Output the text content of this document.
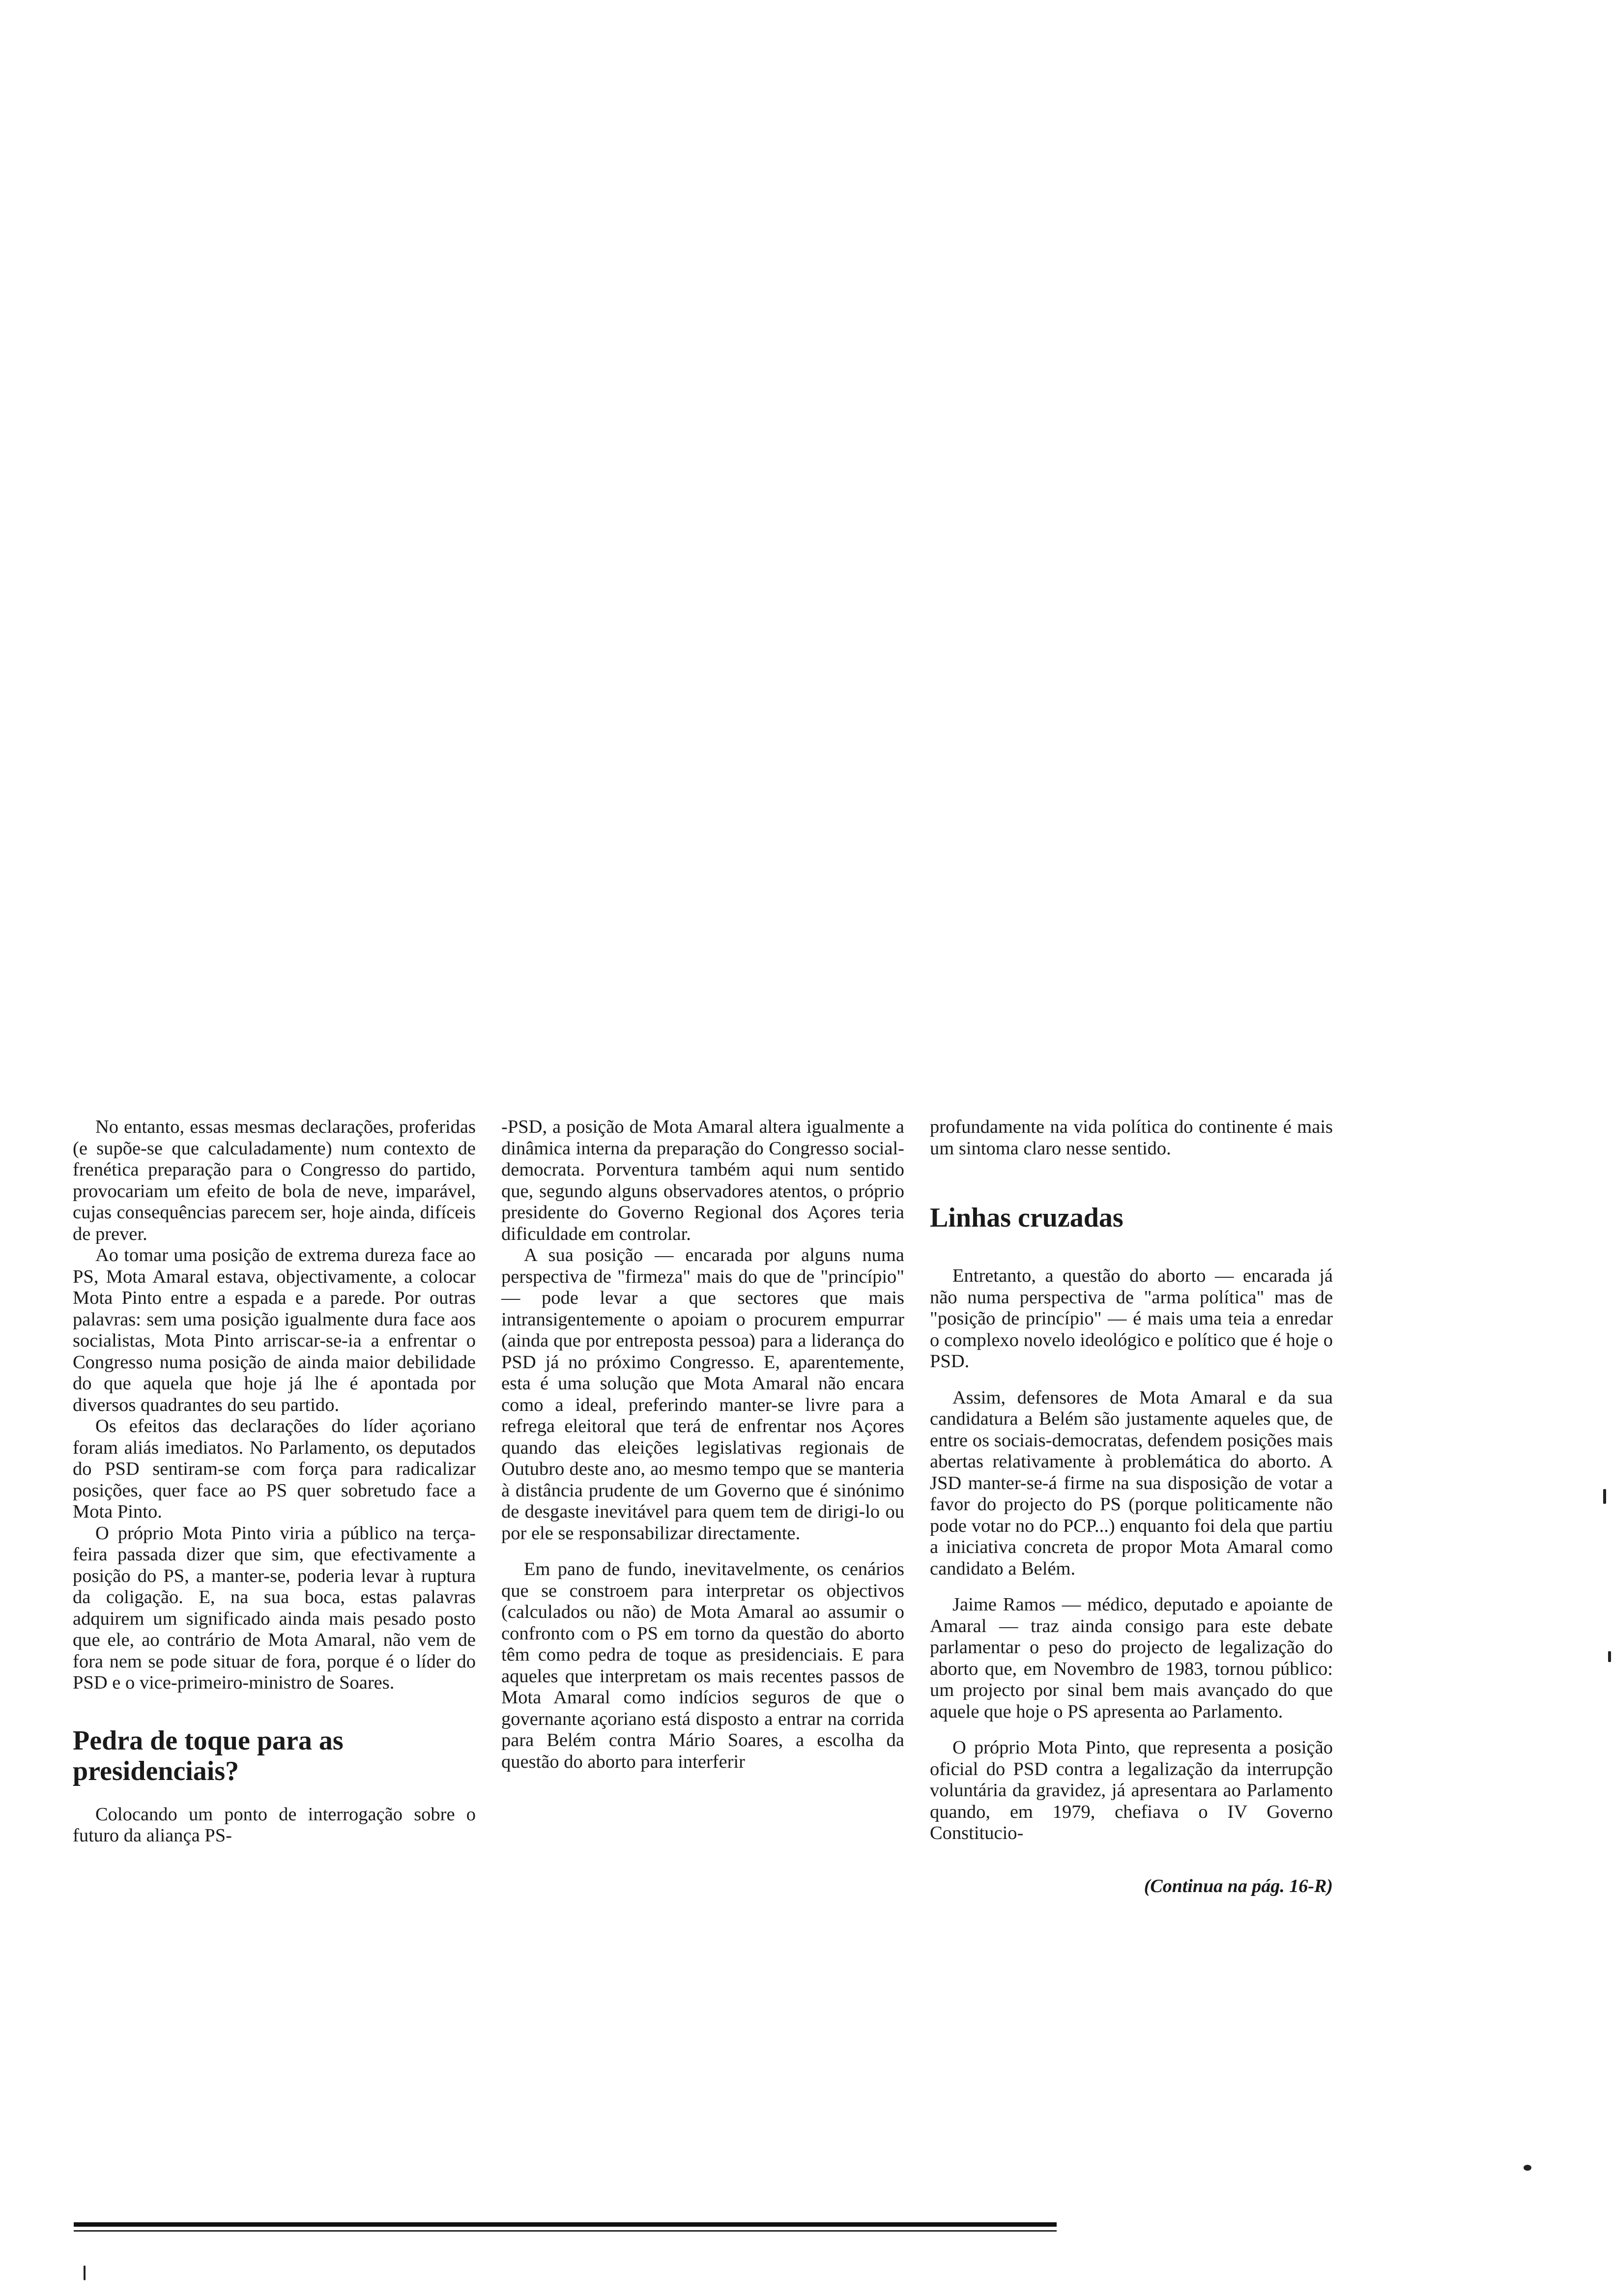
No entanto, essas mesmas declarações, proferidas (e supõe-se que calculadamente) num contexto de frenética preparação para o Congresso do partido, provocariam um efeito de bola de neve, imparável, cujas consequências parecem ser, hoje ainda, difíceis de prever.

Ao tomar uma posição de extrema dureza face ao PS, Mota Amaral estava, objectivamente, a colocar Mota Pinto entre a espada e a parede. Por outras palavras: sem uma posição igualmente dura face aos socialistas, Mota Pinto arriscar-se-ia a enfrentar o Congresso numa posição de ainda maior debilidade do que aquela que hoje já lhe é apontada por diversos quadrantes do seu partido.

Os efeitos das declarações do líder açoriano foram aliás imediatos. No Parlamento, os deputados do PSD sentiram-se com força para radicalizar posições, quer face ao PS quer sobretudo face a Mota Pinto.

O próprio Mota Pinto viria a público na terça-feira passada dizer que sim, que efectivamente a posição do PS, a manter-se, poderia levar à ruptura da coligação. E, na sua boca, estas palavras adquirem um significado ainda mais pesado posto que ele, ao contrário de Mota Amaral, não vem de fora nem se pode situar de fora, porque é o líder do PSD e o vice-primeiro-ministro de Soares.

Pedra de toque para as presidenciais?

Colocando um ponto de interrogação sobre o futuro da aliança PS-

-PSD, a posição de Mota Amaral altera igualmente a dinâmica interna da preparação do Congresso social-democrata. Porventura também aqui num sentido que, segundo alguns observadores atentos, o próprio presidente do Governo Regional dos Açores teria dificuldade em controlar.

A sua posição — encarada por alguns numa perspectiva de "firmeza" mais do que de "princípio" — pode levar a que sectores que mais intransigentemente o apoiam o procurem empurrar (ainda que por entreposta pessoa) para a liderança do PSD já no próximo Congresso. E, aparentemente, esta é uma solução que Mota Amaral não encara como a ideal, preferindo manter-se livre para a refrega eleitoral que terá de enfrentar nos Açores quando das eleições legislativas regionais de Outubro deste ano, ao mesmo tempo que se manteria à distância prudente de um Governo que é sinónimo de desgaste inevitável para quem tem de dirigi-lo ou por ele se responsabilizar directamente.

Em pano de fundo, inevitavelmente, os cenários que se constroem para interpretar os objectivos (calculados ou não) de Mota Amaral ao assumir o confronto com o PS em torno da questão do aborto têm como pedra de toque as presidenciais. E para aqueles que interpretam os mais recentes passos de Mota Amaral como indícios seguros de que o governante açoriano está disposto a entrar na corrida para Belém contra Mário Soares, a escolha da questão do aborto para interferir

profundamente na vida política do continente é mais um sintoma claro nesse sentido.

Linhas cruzadas

Entretanto, a questão do aborto — encarada já não numa perspectiva de "arma política" mas de "posição de princípio" — é mais uma teia a enredar o complexo novelo ideológico e político que é hoje o PSD.

Assim, defensores de Mota Amaral e da sua candidatura a Belém são justamente aqueles que, de entre os sociais-democratas, defendem posições mais abertas relativamente à problemática do aborto. A JSD manter-se-á firme na sua disposição de votar a favor do projecto do PS (porque politicamente não pode votar no do PCP...) enquanto foi dela que partiu a iniciativa concreta de propor Mota Amaral como candidato a Belém.

Jaime Ramos — médico, deputado e apoiante de Amaral — traz ainda consigo para este debate parlamentar o peso do projecto de legalização do aborto que, em Novembro de 1983, tornou público: um projecto por sinal bem mais avançado do que aquele que hoje o PS apresenta ao Parlamento.

O próprio Mota Pinto, que representa a posição oficial do PSD contra a legalização da interrupção voluntária da gravidez, já apresentara ao Parlamento quando, em 1979, chefiava o IV Governo Constitucio-

(Continua na pág. 16-R)
